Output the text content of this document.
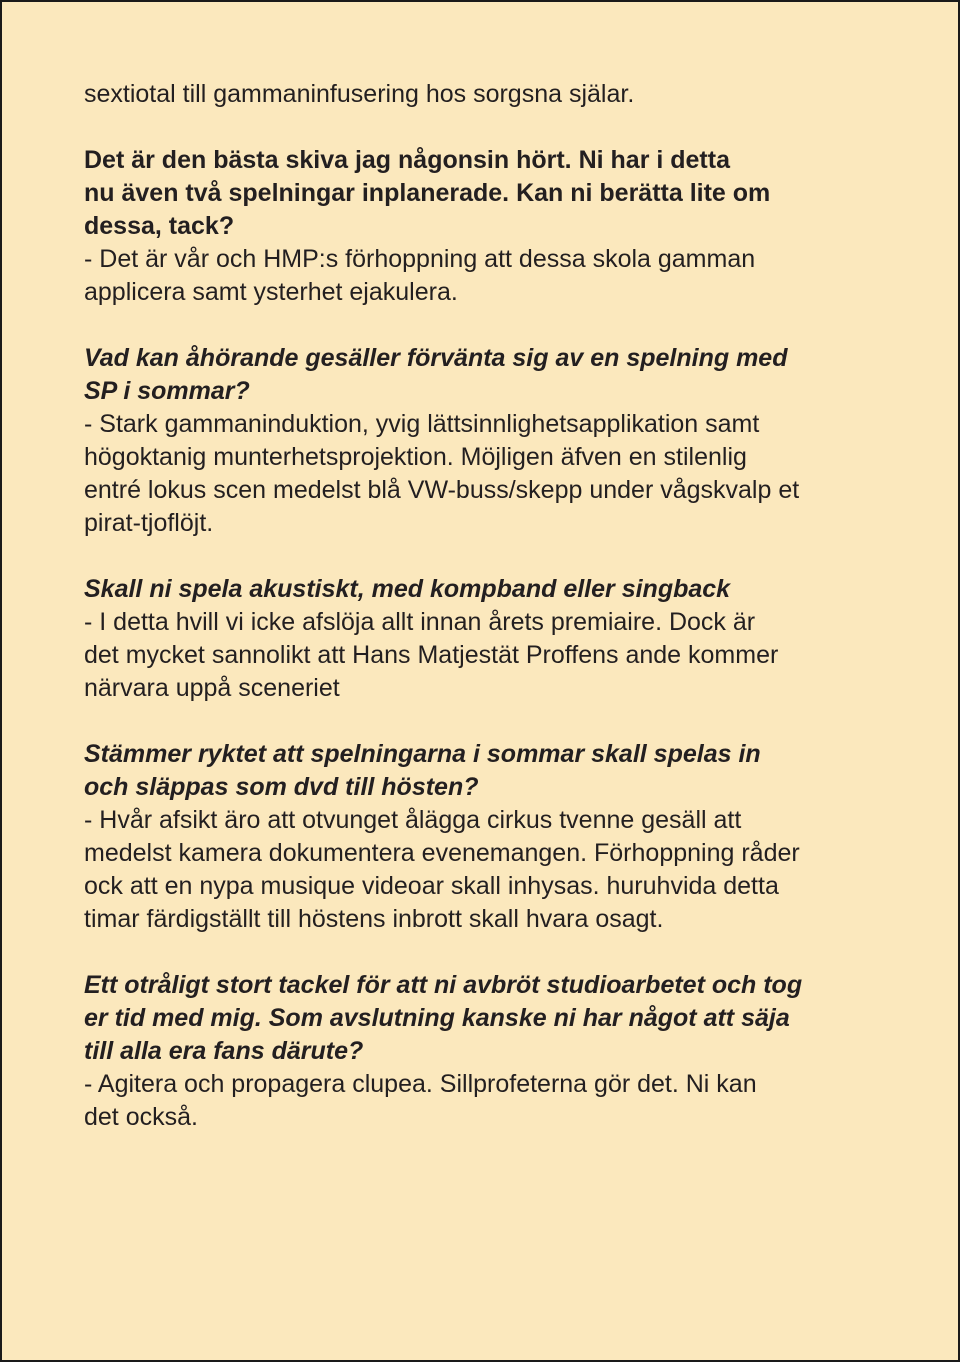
sextiotal till gammaninfusering hos sorgsna själar.
Det är den bästa skiva jag någonsin hört. Ni har i detta
nu även två spelningar inplanerade. Kan ni berätta lite om
dessa, tack?
- Det är vår och HMP:s förhoppning att dessa skola gamman
applicera samt ysterhet ejakulera.
Vad kan åhörande gesäller förvänta sig av en spelning med
SP i sommar?
- Stark gammaninduktion, yvig lättsinnlighetsapplikation samt
högoktanig munterhetsprojektion. Möjligen äfven en stilenlig
entré lokus scen medelst blå VW-buss/skepp under vågskvalp et
pirat-tjoflöjt.
Skall ni spela akustiskt, med kompband eller singback
- I detta hvill vi icke afslöja allt innan årets premiaire. Dock är
det mycket sannolikt att Hans Matjestät Proffens ande kommer
närvara uppå sceneriet
Stämmer ryktet att spelningarna i sommar skall spelas in
och släppas som dvd till hösten?
- Hvår afsikt äro att otvunget ålägga cirkus tvenne gesäll att
medelst kamera dokumentera evenemangen. Förhoppning råder
ock att en nypa musique videoar skall inhysas. huruhvida detta
timar färdigställt till höstens inbrott skall hvara osagt.
Ett otråligt stort tackel för att ni avbröt studioarbetet och tog
er tid med mig. Som avslutning kanske ni har något att säja
till alla era fans därute?
- Agitera och propagera clupea. Sillprofeterna gör det. Ni kan
det också.
